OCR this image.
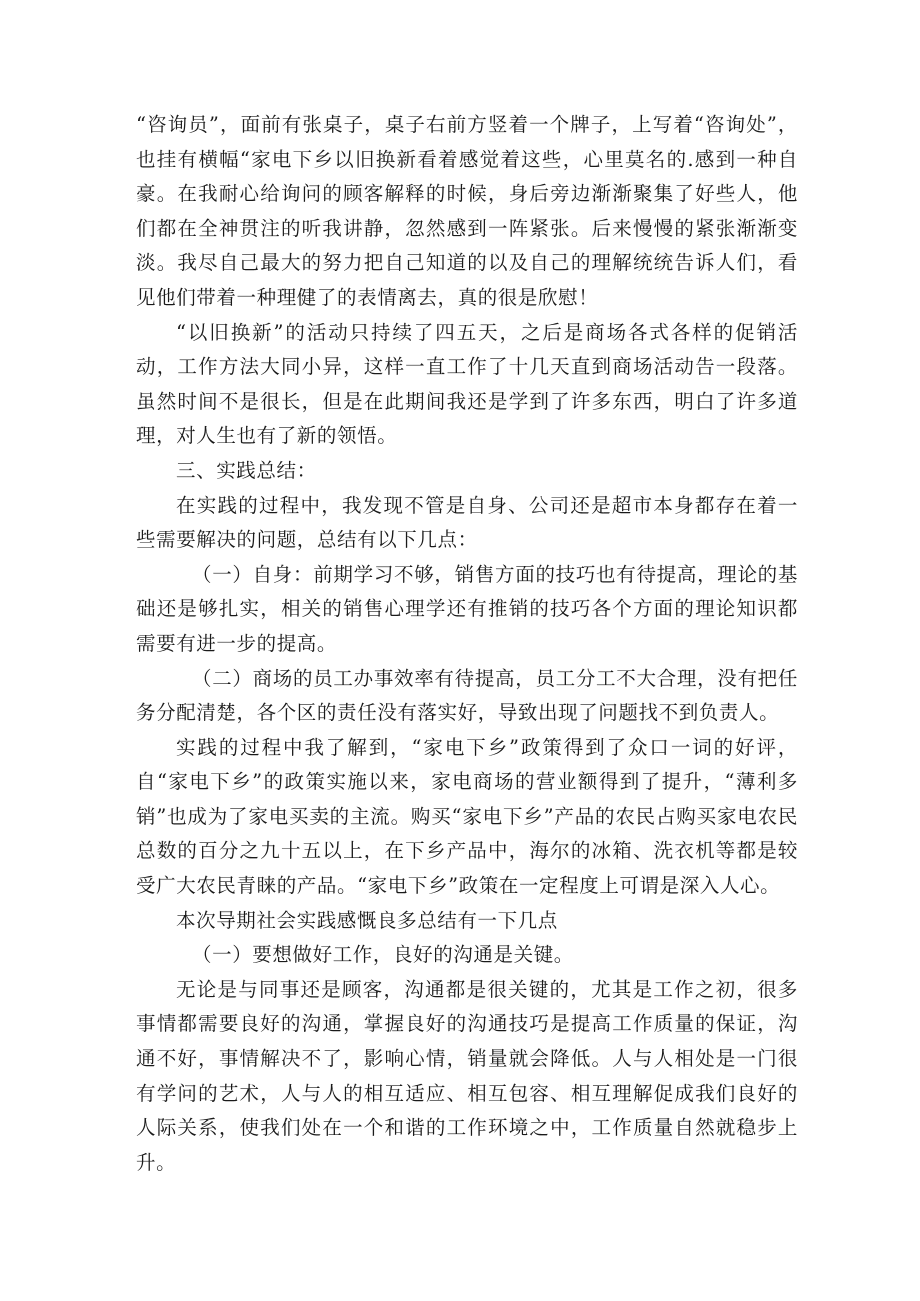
“咨询员”，面前有张桌子，桌子右前方竖着一个牌子，上写着“咨询处”，也挂有横幅“家电下乡以旧换新看着感觉着这些，心里莫名的.感到一种自豪。在我耐心给询问的顾客解释的时候，身后旁边渐渐聚集了好些人，他们都在全神贯注的听我讲静，忽然感到一阵紧张。后来慢慢的紧张渐渐变淡。我尽自己最大的努力把自己知道的以及自己的理解统统告诉人们，看见他们带着一种理健了的表情离去，真的很是欣慰！

“以旧换新”的活动只持续了四五天，之后是商场各式各样的促销活动，工作方法大同小异，这样一直工作了十几天直到商场活动告一段落。虽然时间不是很长，但是在此期间我还是学到了许多东西，明白了许多道理，对人生也有了新的领悟。

三、实践总结：

在实践的过程中，我发现不管是自身、公司还是超市本身都存在着一些需要解决的问题，总结有以下几点：

（一）自身：前期学习不够，销售方面的技巧也有待提高，理论的基础还是够扎实，相关的销售心理学还有推销的技巧各个方面的理论知识都需要有进一步的提高。

（二）商场的员工办事效率有待提高，员工分工不大合理，没有把任务分配清楚，各个区的责任没有落实好，导致出现了问题找不到负责人。

实践的过程中我了解到，“家电下乡”政策得到了众口一词的好评，自“家电下乡”的政策实施以来，家电商场的营业额得到了提升，“薄利多销”也成为了家电买卖的主流。购买“家电下乡”产品的农民占购买家电农民总数的百分之九十五以上，在下乡产品中，海尔的冰箱、洗衣机等都是较受广大农民青睐的产品。“家电下乡”政策在一定程度上可谓是深入人心。

本次导期社会实践感慨良多总结有一下几点

（一）要想做好工作，良好的沟通是关键。

无论是与同事还是顾客，沟通都是很关键的，尤其是工作之初，很多事情都需要良好的沟通，掌握良好的沟通技巧是提高工作质量的保证，沟通不好，事情解决不了，影响心情，销量就会降低。人与人相处是一门很有学问的艺术，人与人的相互适应、相互包容、相互理解促成我们良好的人际关系，使我们处在一个和谐的工作环境之中，工作质量自然就稳步上升。
